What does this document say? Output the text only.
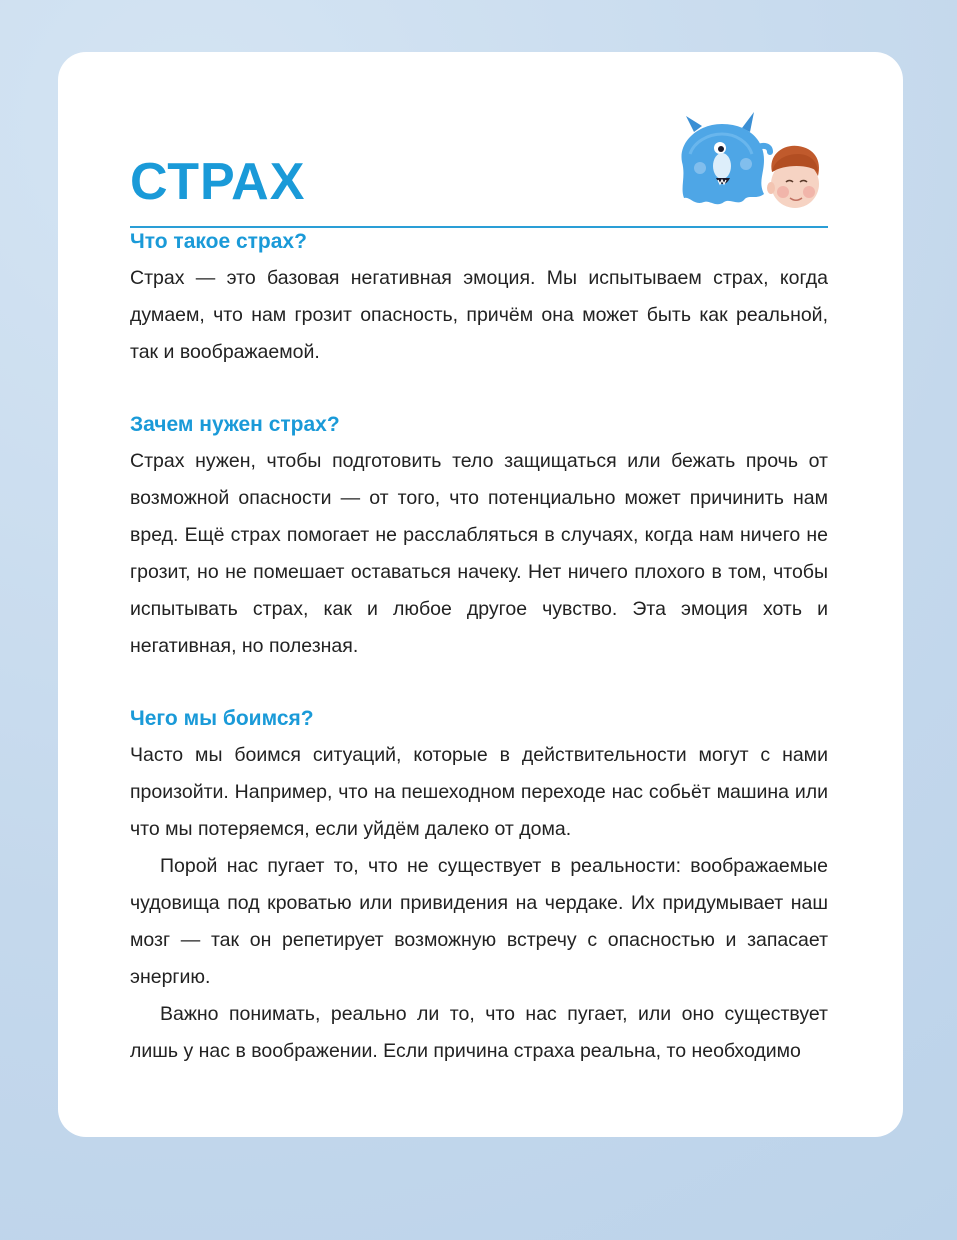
СТРАХ
Что такое страх?

Страх — это базовая негативная эмоция. Мы испытываем страх, когда думаем, что нам грозит опасность, причём она может быть как реальной, так и воображаемой.

Зачем нужен страх?

Страх нужен, чтобы подготовить тело защищаться или бежать прочь от возможной опасности — от того, что потенциально может причинить нам вред. Ещё страх помогает не расслабляться в случаях, когда нам ничего не грозит, но не помешает оставаться начеку. Нет ничего плохого в том, чтобы испытывать страх, как и любое другое чувство. Эта эмоция хоть и негативная, но полезная.

Чего мы боимся?

Часто мы боимся ситуаций, которые в действительности могут с нами произойти. Например, что на пешеходном переходе нас собьёт машина или что мы потеряемся, если уйдём далеко от дома.

Порой нас пугает то, что не существует в реальности: воображаемые чудовища под кроватью или привидения на чердаке. Их придумывает наш мозг — так он репетирует возможную встречу с опасностью и запасает энергию.

Важно понимать, реально ли то, что нас пугает, или оно существует лишь у нас в воображении. Если причина страха реальна, то необходимо
